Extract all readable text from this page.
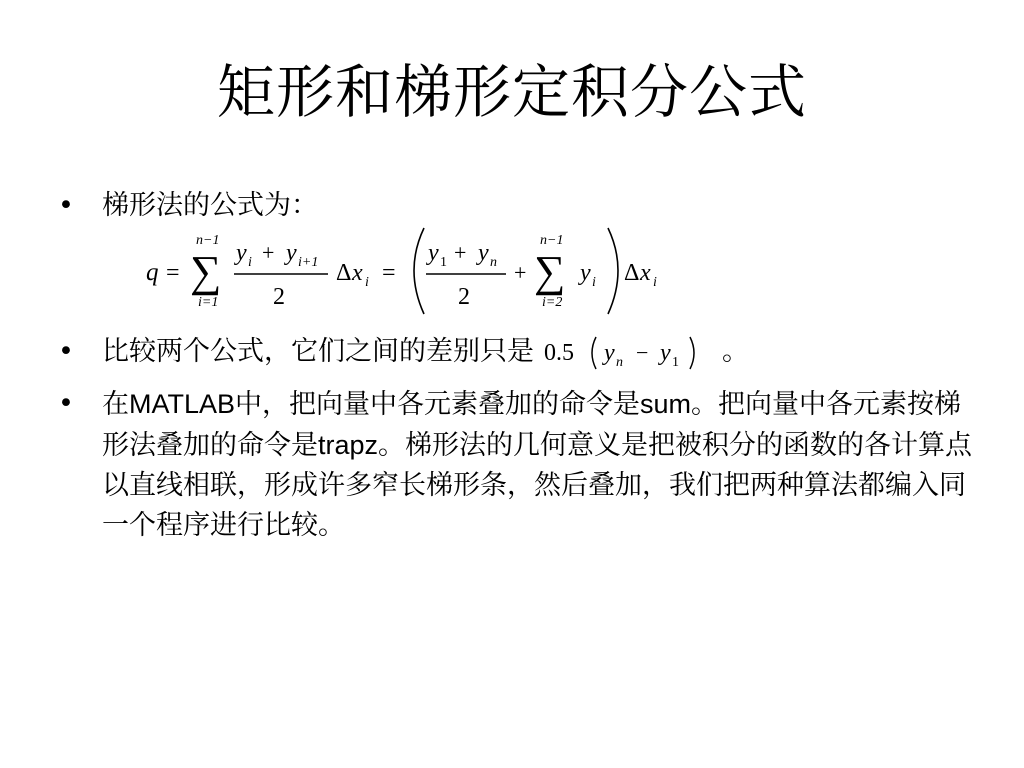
矩形和梯形定积分公式
• 梯形法的公式为：
q =
n−1
∑
i=1
y i + y i+1
2
Δ x i =
y 1 + y n
2
+
n−1
∑
i=2
y i Δ x i
• 比较两个公式，它们之间的差别只是 0.5 y n − y 1 。
• 在MATLAB中，把向量中各元素叠加的命令是sum。把向量中各元素按梯形法叠加的命令是trapz。梯形法的几何意义是把被积分的函数的各计算点以直线相联，形成许多窄长梯形条，然后叠加，我们把两种算法都编入同一个程序进行比较。
